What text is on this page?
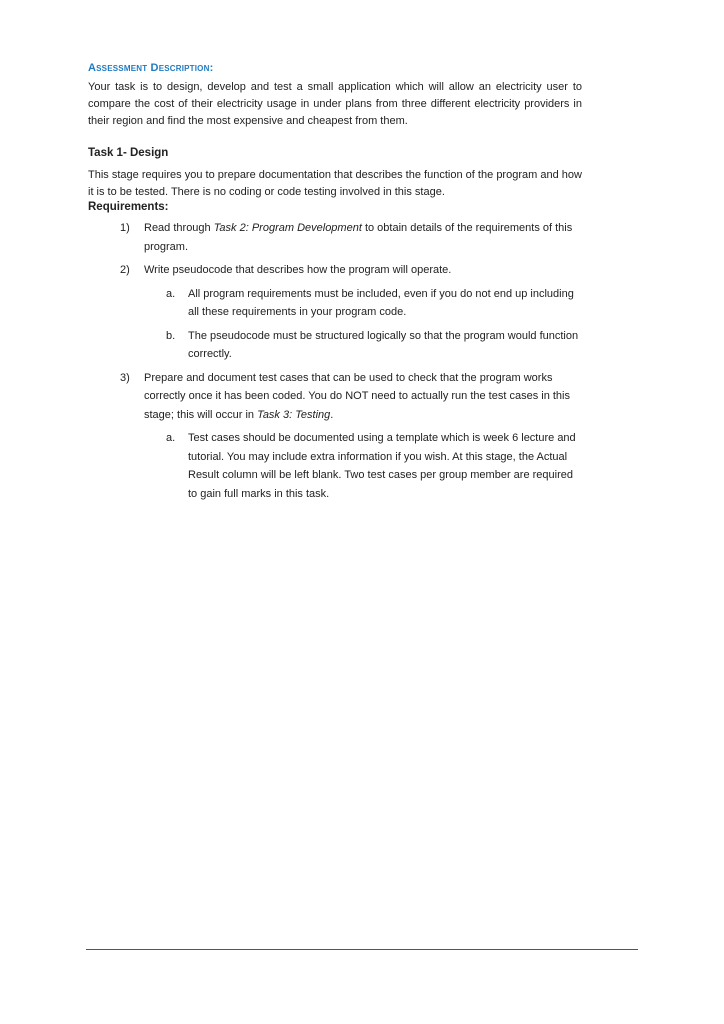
Assessment Description:

Your task is to design, develop and test a small application which will allow an electricity user to compare the cost of their electricity usage in under plans from three different electricity providers in their region and find the most expensive and cheapest from them.

Task 1- Design

This stage requires you to prepare documentation that describes the function of the program and how it is to be tested. There is no coding or code testing involved in this stage.

Requirements:
1) Read through Task 2: Program Development to obtain details of the requirements of this program.
2) Write pseudocode that describes how the program will operate.
a. All program requirements must be included, even if you do not end up including all these requirements in your program code.
b. The pseudocode must be structured logically so that the program would function correctly.
3) Prepare and document test cases that can be used to check that the program works correctly once it has been coded. You do NOT need to actually run the test cases in this stage; this will occur in Task 3: Testing.
a. Test cases should be documented using a template which is week 6 lecture and tutorial. You may include extra information if you wish. At this stage, the Actual Result column will be left blank. Two test cases per group member are required to gain full marks in this task.
